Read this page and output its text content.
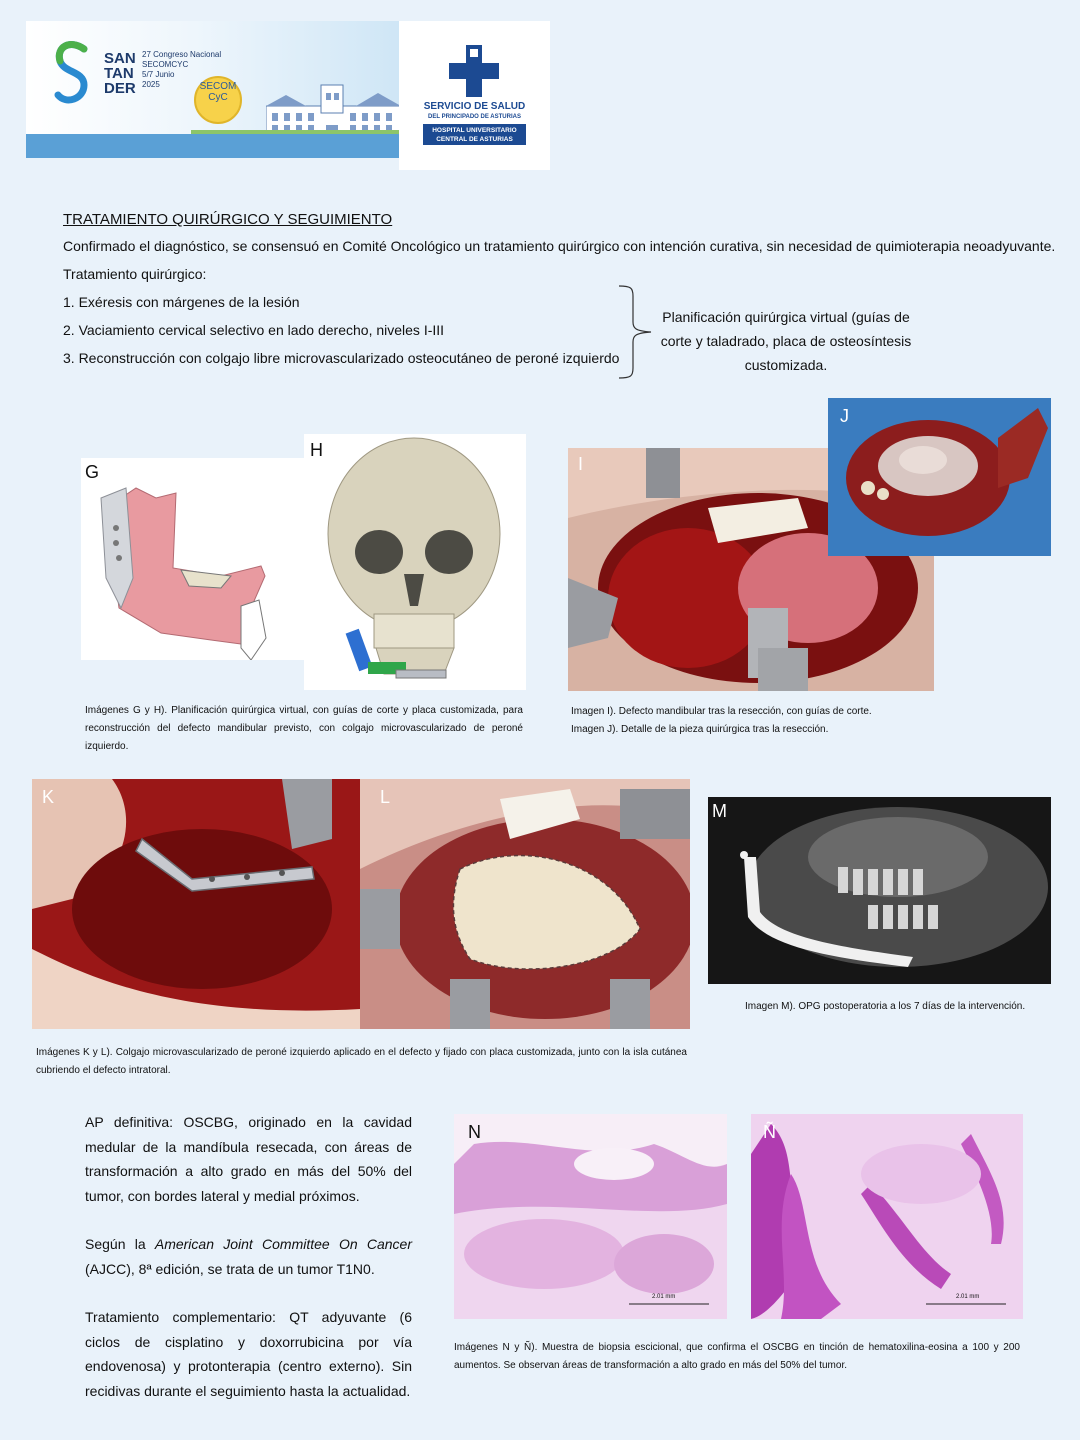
SAN
TAN
DER
27 Congreso Nacional
SECOMCYC
5/7 Junio
2025	SECOM CyC
SERVICIO DE SALUD
DEL PRINCIPADO DE ASTURIAS
HOSPITAL UNIVERSITARIO
CENTRAL DE ASTURIAS
TRATAMIENTO QUIRÚRGICO Y SEGUIMIENTO
Confirmado el diagnóstico, se consensuó en Comité Oncológico un tratamiento quirúrgico con intención curativa, sin necesidad de quimioterapia neoadyuvante.
Tratamiento quirúrgico:
1. Exéresis con márgenes de la lesión
2. Vaciamiento cervical selectivo en lado derecho, niveles I-III
3. Reconstrucción con colgajo libre microvascularizado osteocutáneo de peroné izquierdo
Planificación quirúrgica virtual (guías de corte y taladrado, placa de osteosíntesis customizada.
G
H
Imágenes G y H). Planificación quirúrgica virtual, con guías de corte y placa customizada, para reconstrucción del defecto mandibular previsto, con colgajo microvascularizado de peroné izquierdo.
I
J
Imagen I). Defecto mandibular tras la resección, con guías de corte.
Imagen J). Detalle de la pieza quirúrgica tras la resección.
K	L
Imágenes K y L). Colgajo microvascularizado de peroné izquierdo aplicado en el defecto y fijado con placa customizada, junto con la isla cutánea cubriendo el defecto intratoral.
M
Imagen M). OPG postoperatoria a los 7 días de la intervención.
AP definitiva: OSCBG, originado en la cavidad medular de la mandíbula resecada, con áreas de transformación a alto grado en más del 50% del tumor, con bordes lateral y medial próximos.
Según la American Joint Committee On Cancer (AJCC), 8ª edición, se trata de un tumor T1N0.
Tratamiento complementario: QT adyuvante (6 ciclos de cisplatino y doxorrubicina por vía endovenosa) y protonterapia (centro externo). Sin recidivas durante el seguimiento hasta la actualidad.
N
2.01 mm
Ñ
2.01 mm
Imágenes N y Ñ). Muestra de biopsia escicional, que confirma el OSCBG en tinción de hematoxilina-eosina a 100 y 200 aumentos. Se observan áreas de transformación a alto grado en más del 50% del tumor.
